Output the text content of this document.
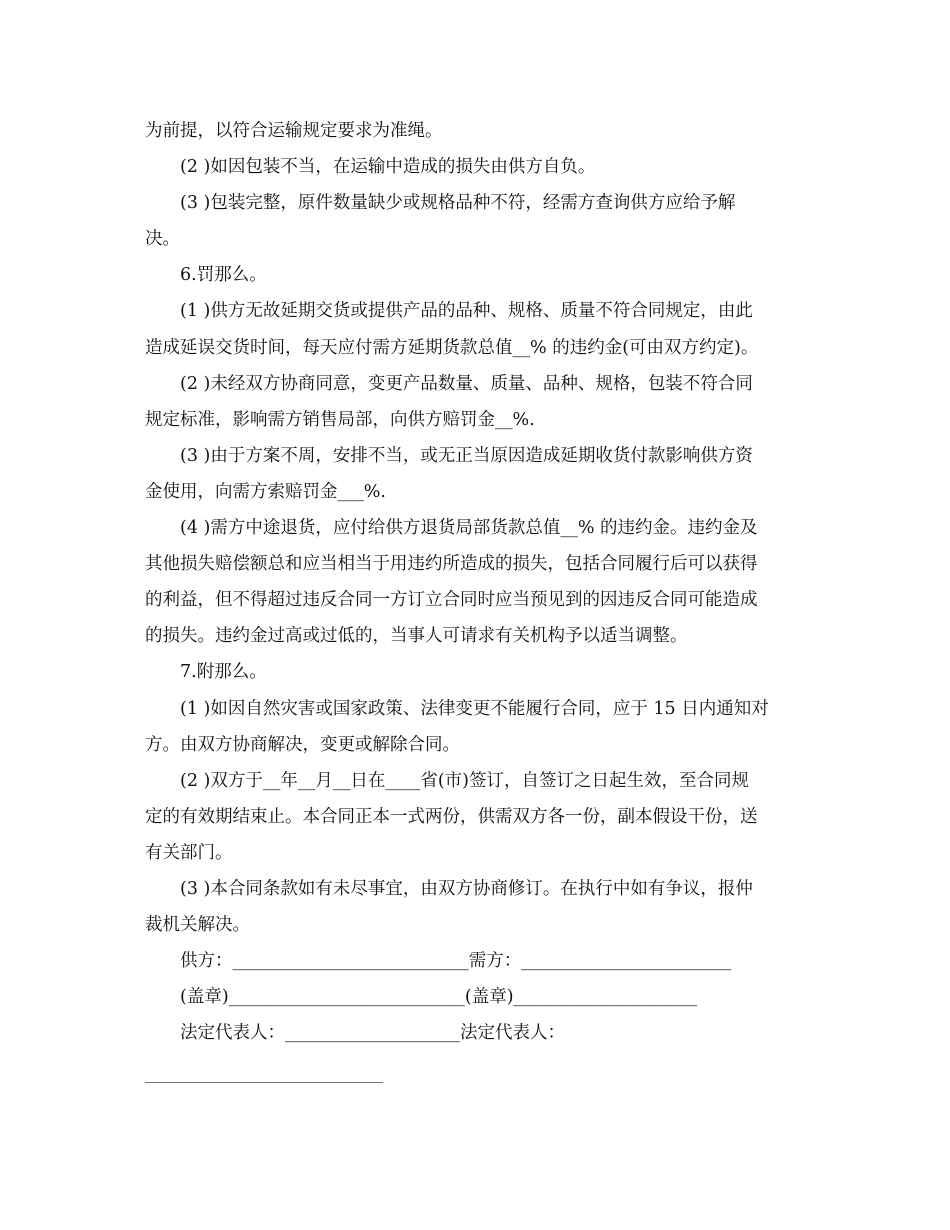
为前提，以符合运输规定要求为准绳。
(2 )如因包装不当，在运输中造成的损失由供方自负。
(3 )包装完整，原件数量缺少或规格品种不符，经需方查询供方应给予解
决。
6.罚那么。
(1 )供方无故延期交货或提供产品的品种、规格、质量不符合同规定，由此
造成延误交货时间，每天应付需方延期货款总值__% 的违约金(可由双方约定)。
(2 )未经双方协商同意，变更产品数量、质量、品种、规格，包装不符合同
规定标准，影响需方销售局部，向供方赔罚金__%.
(3 )由于方案不周，安排不当，或无正当原因造成延期收货付款影响供方资
金使用，向需方索赔罚金___%.
(4 )需方中途退货，应付给供方退货局部货款总值__% 的违约金。违约金及
其他损失赔偿额总和应当相当于用违约所造成的损失，包括合同履行后可以获得
的利益，但不得超过违反合同一方订立合同时应当预见到的因违反合同可能造成
的损失。违约金过高或过低的，当事人可请求有关机构予以适当调整。
7.附那么。
(1 )如因自然灾害或国家政策、法律变更不能履行合同，应于 15 日内通知对
方。由双方协商解决，变更或解除合同。
(2 )双方于__年__月__日在____省(市)签订，自签订之日起生效，至合同规
定的有效期结束止。本合同正本一式两份，供需双方各一份，副本假设干份，送
有关部门。
(3 )本合同条款如有未尽事宜，由双方协商修订。在执行中如有争议，报仲
裁机关解决。
供方：___________________________需方：________________________
(盖章)___________________________(盖章)_____________________
法定代表人：____________________法定代表人：
